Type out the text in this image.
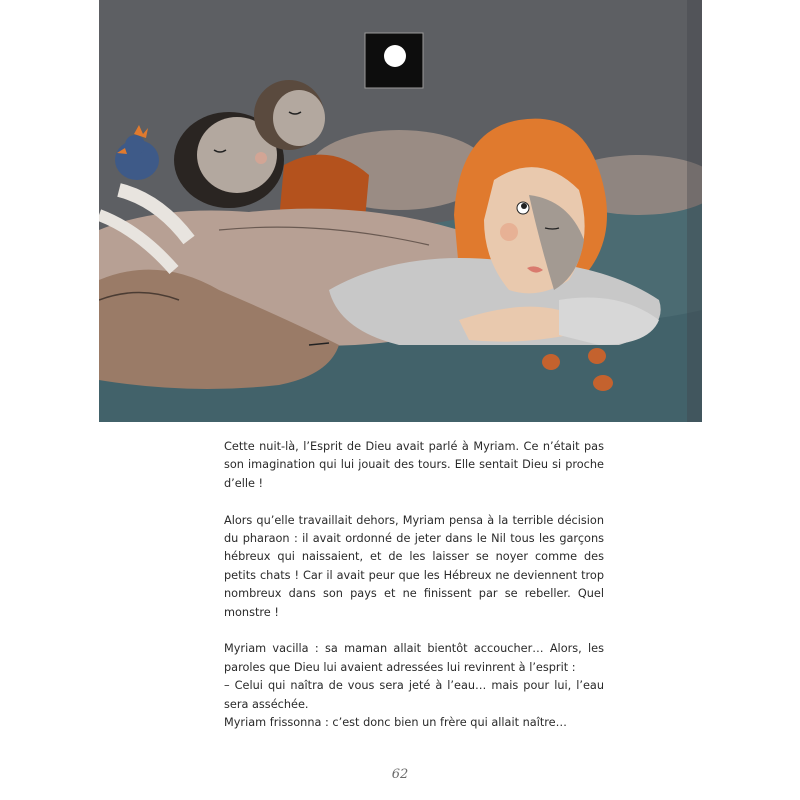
Cette nuit-là, l’Esprit de Dieu avait parlé à Myriam. Ce n’était pas son imagination qui lui jouait des tours. Elle sentait Dieu si proche d’elle !

Alors qu’elle travaillait dehors, Myriam pensa à la terrible décision du pharaon : il avait ordonné de jeter dans le Nil tous les garçons hébreux qui naissaient, et de les laisser se noyer comme des petits chats ! Car il avait peur que les Hébreux ne deviennent trop nombreux dans son pays et ne finissent par se rebeller. Quel monstre !

Myriam vacilla : sa maman allait bientôt accoucher… Alors, les paroles que Dieu lui avaient adressées lui revinrent à l’esprit :

– Celui qui naîtra de vous sera jeté à l’eau… mais pour lui, l’eau sera asséchée.

Myriam frissonna : c’est donc bien un frère qui allait naître…

62
